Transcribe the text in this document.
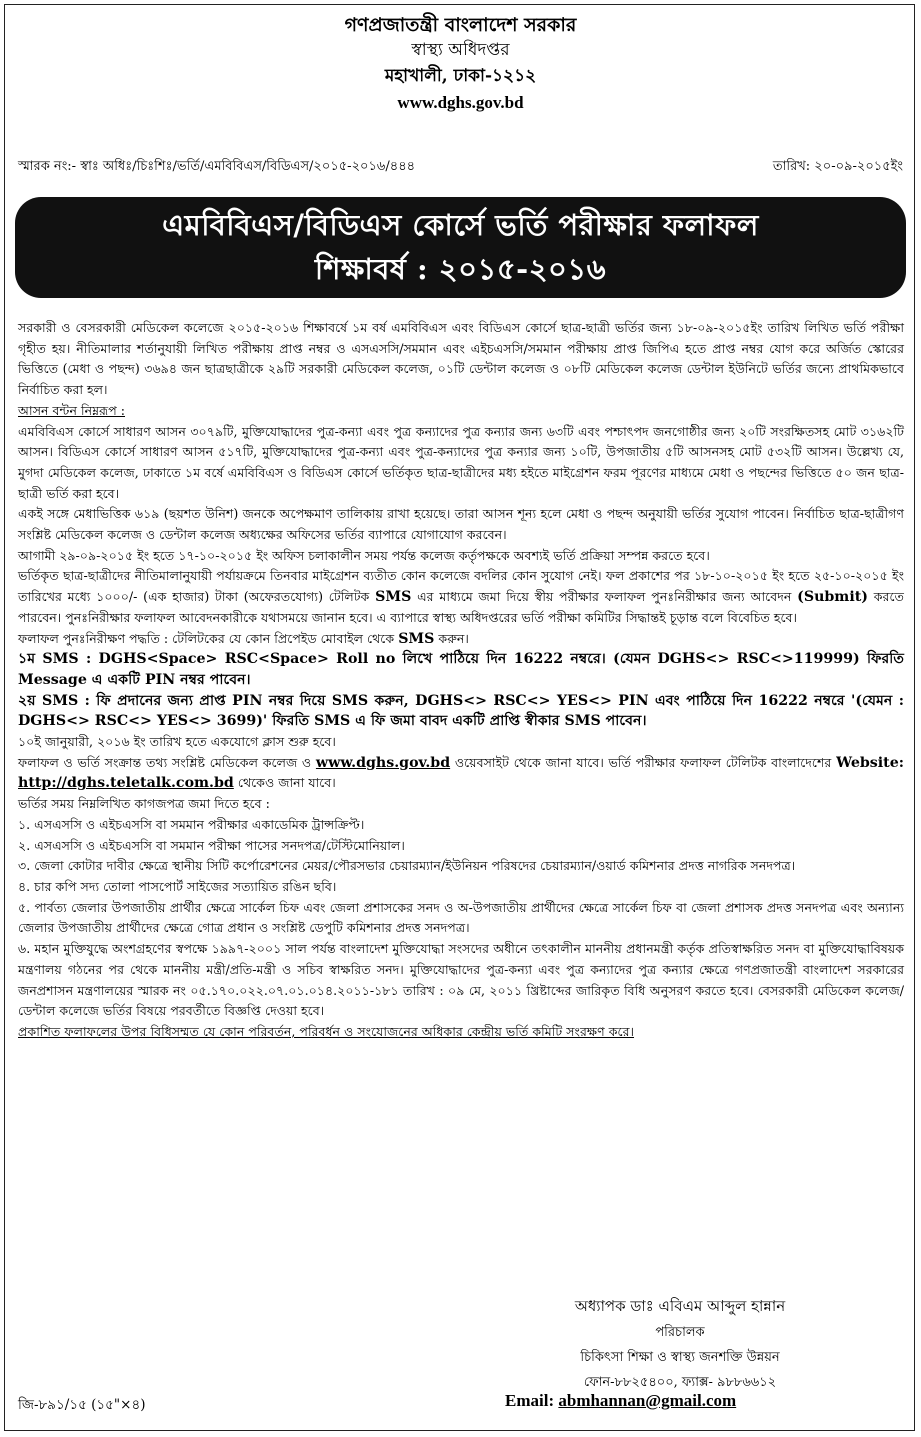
গণপ্রজাতন্ত্রী বাংলাদেশ সরকার
স্বাস্থ্য অধিদপ্তর
মহাখালী, ঢাকা-১২১২
www.dghs.gov.bd
স্মারক নং:- স্বাঃ অধিঃ/চিঃশিঃ/ভর্তি/এমবিবিএস/বিডিএস/২০১৫-২০১৬/৪৪৪	তারিখ: ২০-০৯-২০১৫ইং
এমবিবিএস/বিডিএস কোর্সে ভর্তি পরীক্ষার ফলাফল
শিক্ষাবর্ষ : ২০১৫-২০১৬

সরকারী ও বেসরকারী মেডিকেল কলেজে ২০১৫-২০১৬ শিক্ষাবর্ষে ১ম বর্ষ এমবিবিএস এবং বিডিএস কোর্সে ছাত্র-ছাত্রী ভর্তির জন্য ১৮-০৯-২০১৫ইং তারিখ লিখিত ভর্তি পরীক্ষা গৃহীত হয়। নীতিমালার শর্তানুযায়ী লিখিত পরীক্ষায় প্রাপ্ত নম্বর ও এসএসসি/সমমান এবং এইচএসসি/সমমান পরীক্ষায় প্রাপ্ত জিপিএ হতে প্রাপ্ত নম্বর যোগ করে অর্জিত স্কোরের ভিত্তিতে (মেধা ও পছন্দ) ৩৬৯৪ জন ছাত্রছাত্রীকে ২৯টি সরকারী মেডিকেল কলেজ, ০১টি ডেন্টাল কলেজ ও ০৮টি মেডিকেল কলেজ ডেন্টাল ইউনিটে ভর্তির জন্যে প্রাথমিকভাবে নির্বাচিত করা হল।

আসন বন্টন নিম্নরূপ :

এমবিবিএস কোর্সে সাধারণ আসন ৩০৭৯টি, মুক্তিযোদ্ধাদের পুত্র-কন্যা এবং পুত্র কন্যাদের পুত্র কন্যার জন্য ৬৩টি এবং পশ্চাৎপদ জনগোষ্ঠীর জন্য ২০টি সংরক্ষিতসহ মোট ৩১৬২টি আসন। বিডিএস কোর্সে সাধারণ আসন ৫১৭টি, মুক্তিযোদ্ধাদের পুত্র-কন্যা এবং পুত্র-কন্যাদের পুত্র কন্যার জন্য ১০টি, উপজাতীয় ৫টি আসনসহ মোট ৫৩২টি আসন। উল্লেখ্য যে, মুগদা মেডিকেল কলেজ, ঢাকাতে ১ম বর্ষে এমবিবিএস ও বিডিএস কোর্সে ভর্তিকৃত ছাত্র-ছাত্রীদের মধ্য হইতে মাইগ্রেশন ফরম পূরণের মাধ্যমে মেধা ও পছন্দের ভিত্তিতে ৫০ জন ছাত্র-ছাত্রী ভর্তি করা হবে।

একই সঙ্গে মেধাভিত্তিক ৬১৯ (ছয়শত উনিশ) জনকে অপেক্ষমাণ তালিকায় রাখা হয়েছে। তারা আসন শূন্য হলে মেধা ও পছন্দ অনুযায়ী ভর্তির সুযোগ পাবেন। নির্বাচিত ছাত্র-ছাত্রীগণ সংশ্লিষ্ট মেডিকেল কলেজ ও ডেন্টাল কলেজ অধ্যক্ষের অফিসের ভর্তির ব্যাপারে যোগাযোগ করবেন।

আগামী ২৯-০৯-২০১৫ ইং হতে ১৭-১০-২০১৫ ইং অফিস চলাকালীন সময় পর্যন্ত কলেজ কর্তৃপক্ষকে অবশ্যই ভর্তি প্রক্রিয়া সম্পন্ন করতে হবে।

ভর্তিকৃত ছাত্র-ছাত্রীদের নীতিমালানুযায়ী পর্যায়ক্রমে তিনবার মাইগ্রেশন ব্যতীত কোন কলেজে বদলির কোন সুযোগ নেই। ফল প্রকাশের পর ১৮-১০-২০১৫ ইং হতে ২৫-১০-২০১৫ ইং তারিখের মধ্যে ১০০০/- (এক হাজার) টাকা (অফেরতযোগ্য) টেলিটক SMS এর মাধ্যমে জমা দিয়ে স্বীয় পরীক্ষার ফলাফল পুনঃনিরীক্ষার জন্য আবেদন (Submit) করতে পারবেন। পুনঃনিরীক্ষার ফলাফল আবেদনকারীকে যথাসময়ে জানান হবে। এ ব্যাপারে স্বাস্থ্য অধিদপ্তরের ভর্তি পরীক্ষা কমিটির সিদ্ধান্তই চূড়ান্ত বলে বিবেচিত হবে।

ফলাফল পুনঃনিরীক্ষণ পদ্ধতি : টেলিটকের যে কোন প্রিপেইড মোবাইল থেকে SMS করুন।

১ম SMS : DGHS<Space> RSC<Space> Roll no লিখে পাঠিয়ে দিন 16222 নম্বরে। (যেমন DGHS<> RSC<>119999) ফিরতি Message এ একটি PIN নম্বর পাবেন।

২য় SMS : ফি প্রদানের জন্য প্রাপ্ত PIN নম্বর দিয়ে SMS করুন, DGHS<> RSC<> YES<> PIN এবং পাঠিয়ে দিন 16222 নম্বরে '(যেমন : DGHS<> RSC<> YES<> 3699)' ফিরতি SMS এ ফি জমা বাবদ একটি প্রাপ্তি স্বীকার SMS পাবেন।

১০ই জানুয়ারী, ২০১৬ ইং তারিখ হতে একযোগে ক্লাস শুরু হবে।

ফলাফল ও ভর্তি সংক্রান্ত তথ্য সংশ্লিষ্ট মেডিকেল কলেজ ও www.dghs.gov.bd ওয়েবসাইট থেকে জানা যাবে। ভর্তি পরীক্ষার ফলাফল টেলিটক বাংলাদেশের Website: http://dghs.teletalk.com.bd থেকেও জানা যাবে।

ভর্তির সময় নিম্নলিখিত কাগজপত্র জমা দিতে হবে :

১. এসএসসি ও এইচএসসি বা সমমান পরীক্ষার একাডেমিক ট্রান্সক্রিপ্ট।

২. এসএসসি ও এইচএসসি বা সমমান পরীক্ষা পাসের সনদপত্র/টেস্টিমোনিয়াল।

৩. জেলা কোটার দাবীর ক্ষেত্রে স্থানীয় সিটি কর্পোরেশনের মেয়র/পৌরসভার চেয়ারম্যান/ইউনিয়ন পরিষদের চেয়ারম্যান/ওয়ার্ড কমিশনার প্রদত্ত নাগরিক সনদপত্র।

৪. চার কপি সদ্য তোলা পাসপোর্ট সাইজের সত্যায়িত রঙিন ছবি।

৫. পার্বত্য জেলার উপজাতীয় প্রার্থীর ক্ষেত্রে সার্কেল চিফ এবং জেলা প্রশাসকের সনদ ও অ-উপজাতীয় প্রার্থীদের ক্ষেত্রে সার্কেল চিফ বা জেলা প্রশাসক প্রদত্ত সনদপত্র এবং অন্যান্য জেলার উপজাতীয় প্রার্থীদের ক্ষেত্রে গোত্র প্রধান ও সংশ্লিষ্ট ডেপুটি কমিশনার প্রদত্ত সনদপত্র।

৬. মহান মুক্তিযুদ্ধে অংশগ্রহণের স্বপক্ষে ১৯৯৭-২০০১ সাল পর্যন্ত বাংলাদেশ মুক্তিযোদ্ধা সংসদের অধীনে তৎকালীন মাননীয় প্রধানমন্ত্রী কর্তৃক প্রতিস্বাক্ষরিত সনদ বা মুক্তিযোদ্ধাবিষয়ক মন্ত্রণালয় গঠনের পর থেকে মাননীয় মন্ত্রী/প্রতি-মন্ত্রী ও সচিব স্বাক্ষরিত সনদ। মুক্তিযোদ্ধাদের পুত্র-কন্যা এবং পুত্র কন্যাদের পুত্র কন্যার ক্ষেত্রে গণপ্রজাতন্ত্রী বাংলাদেশ সরকারের জনপ্রশাসন মন্ত্রণালয়ের স্মারক নং ০৫.১৭০.০২২.০৭.০১.০১৪.২০১১-১৮১ তারিখ : ০৯ মে, ২০১১ খ্রিষ্টাব্দের জারিকৃত বিধি অনুসরণ করতে হবে। বেসরকারী মেডিকেল কলেজ/ডেন্টাল কলেজে ভর্তির বিষয়ে পরবর্তীতে বিজ্ঞপ্তি দেওয়া হবে।

প্রকাশিত ফলাফলের উপর বিধিসম্মত যে কোন পরিবর্তন, পরিবর্ধন ও সংযোজনের অধিকার কেন্দ্রীয় ভর্তি কমিটি সংরক্ষণ করে।

অধ্যাপক ডাঃ এবিএম আব্দুল হান্নান
পরিচালক
চিকিৎসা শিক্ষা ও স্বাস্থ্য জনশক্তি উন্নয়ন
ফোন-৮৮২৫৪০০, ফ্যাক্স- ৯৮৮৬৬১২
জি-৮৯১/১৫ (১৫"×৪)	Email: abmhannan@gmail.com
